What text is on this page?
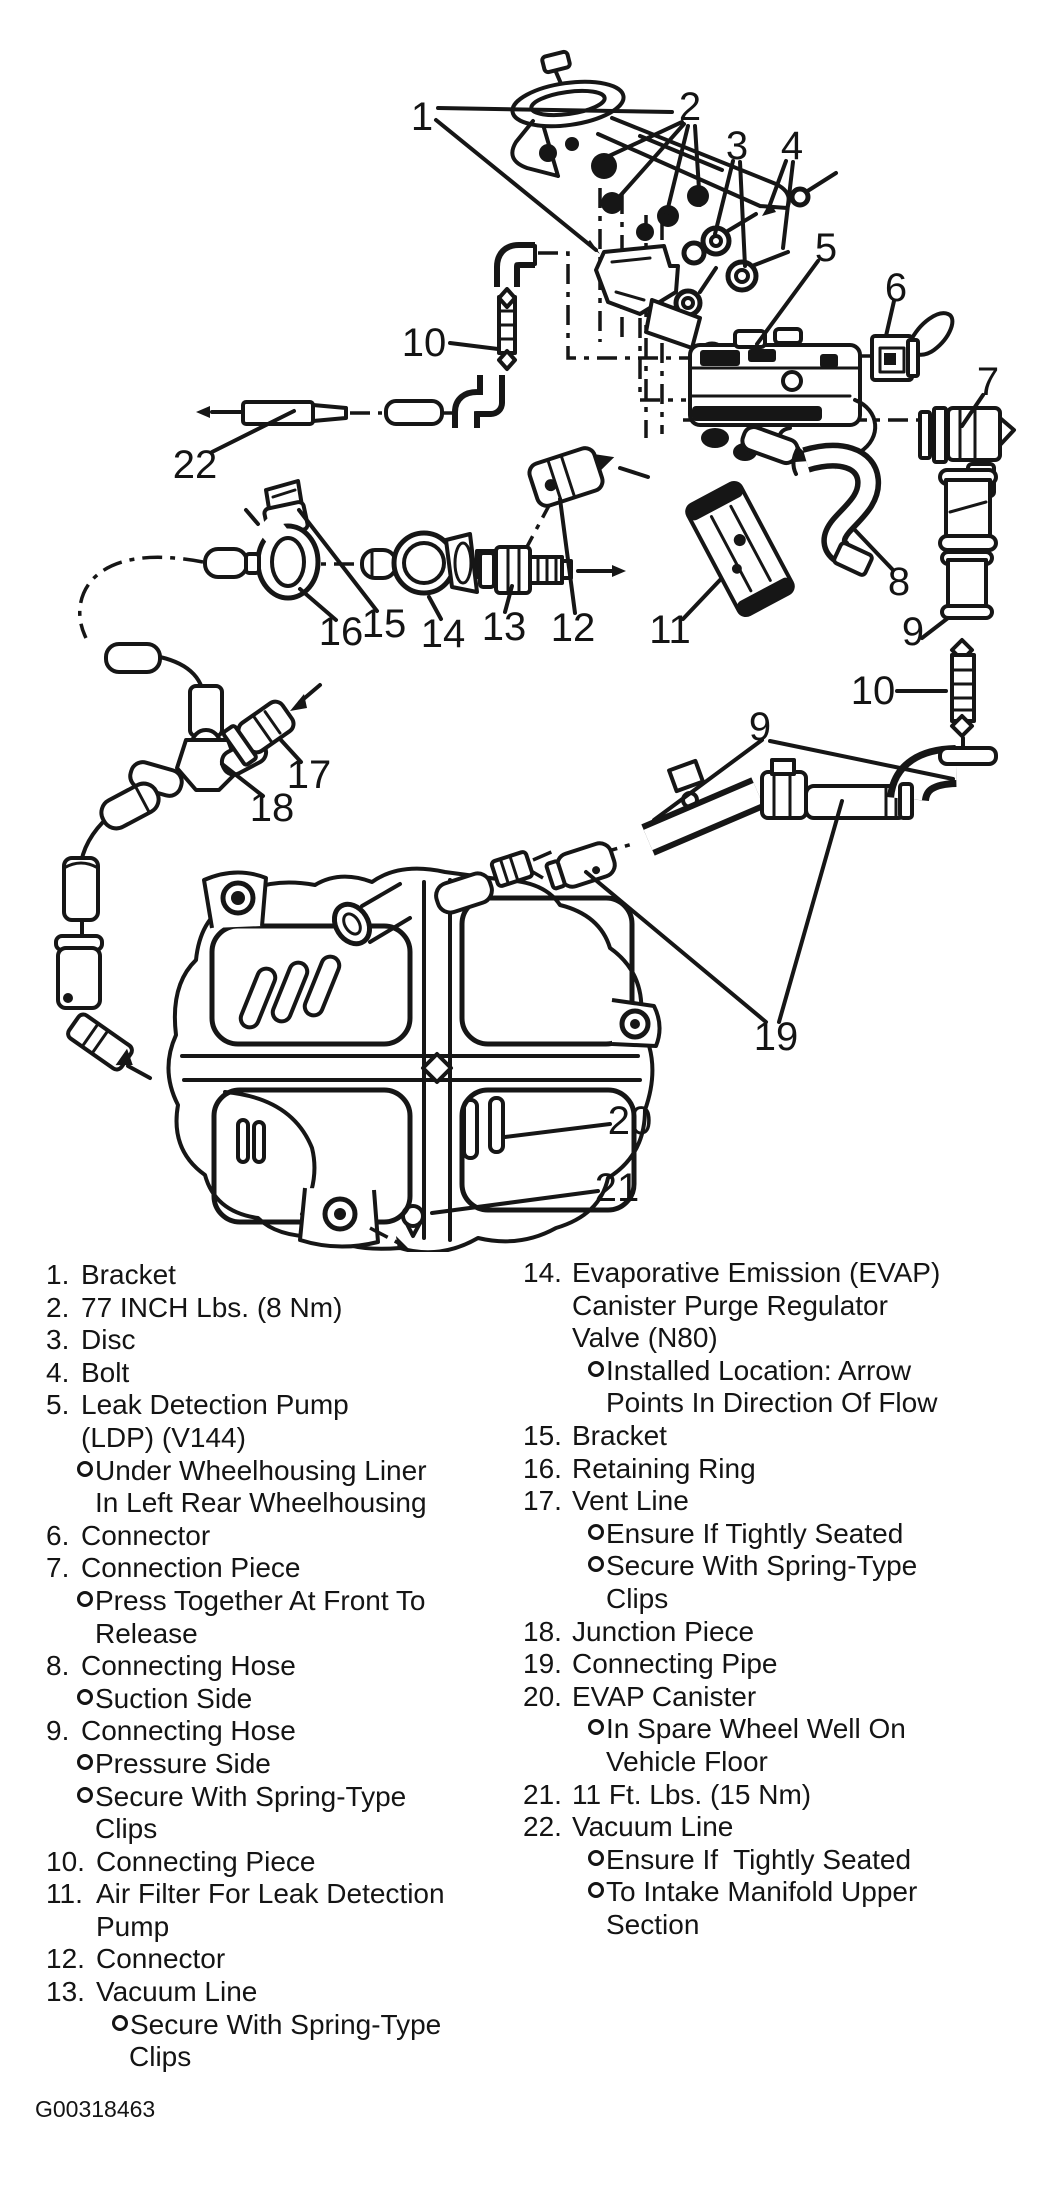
1	2
3 4
5
6
7
8
9
10
9
11
12
13
14
15
16
17
18
19
20
21
22
10
1. Bracket
2. 77 INCH Lbs. (8 Nm)
3. Disc
4. Bolt
5. Leak Detection Pump
(LDP) (V144)
Under Wheelhousing Liner
In Left Rear Wheelhousing
6. Connector
7. Connection Piece
Press Together At Front To
Release
8. Connecting Hose
Suction Side
9. Connecting Hose
Pressure Side
Secure With Spring-Type
Clips
10. Connecting Piece
11. Air Filter For Leak Detection
Pump
12. Connector
13. Vacuum Line
Secure With Spring-Type
Clips
14. Evaporative Emission (EVAP)
Canister Purge Regulator
Valve (N80)
Installed Location: Arrow
Points In Direction Of Flow
15. Bracket
16. Retaining Ring
17. Vent Line
Ensure If Tightly Seated
Secure With Spring-Type
Clips
18. Junction Piece
19. Connecting Pipe
20. EVAP Canister
In Spare Wheel Well On
Vehicle Floor
21. 11 Ft. Lbs. (15 Nm)
22. Vacuum Line
Ensure If  Tightly Seated
To Intake Manifold Upper
Section
G00318463
